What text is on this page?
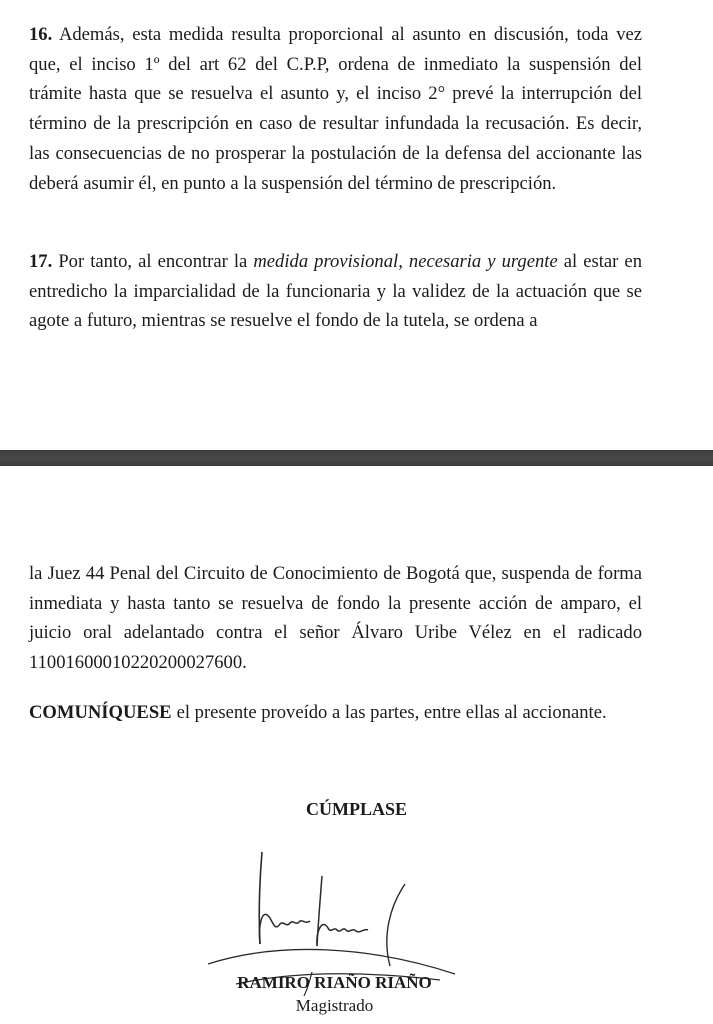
16. Además, esta medida resulta proporcional al asunto en discusión, toda vez que, el inciso 1º del art 62 del C.P.P, ordena de inmediato la suspensión del trámite hasta que se resuelva el asunto y, el inciso 2° prevé la interrupción del término de la prescripción en caso de resultar infundada la recusación. Es decir, las consecuencias de no prosperar la postulación de la defensa del accionante las deberá asumir él, en punto a la suspensión del término de prescripción.

17. Por tanto, al encontrar la medida provisional, necesaria y urgente al estar en entredicho la imparcialidad de la funcionaria y la validez de la actuación que se agote a futuro, mientras se resuelve el fondo de la tutela, se ordena a

la Juez 44 Penal del Circuito de Conocimiento de Bogotá que, suspenda de forma inmediata y hasta tanto se resuelva de fondo la presente acción de amparo, el juicio oral adelantado contra el señor Álvaro Uribe Vélez en el radicado 11001600010220200027600.

COMUNÍQUESE el presente proveído a las partes, entre ellas al accionante.

CÚMPLASE

RAMIRO RIAÑO RIAÑO
Magistrado
